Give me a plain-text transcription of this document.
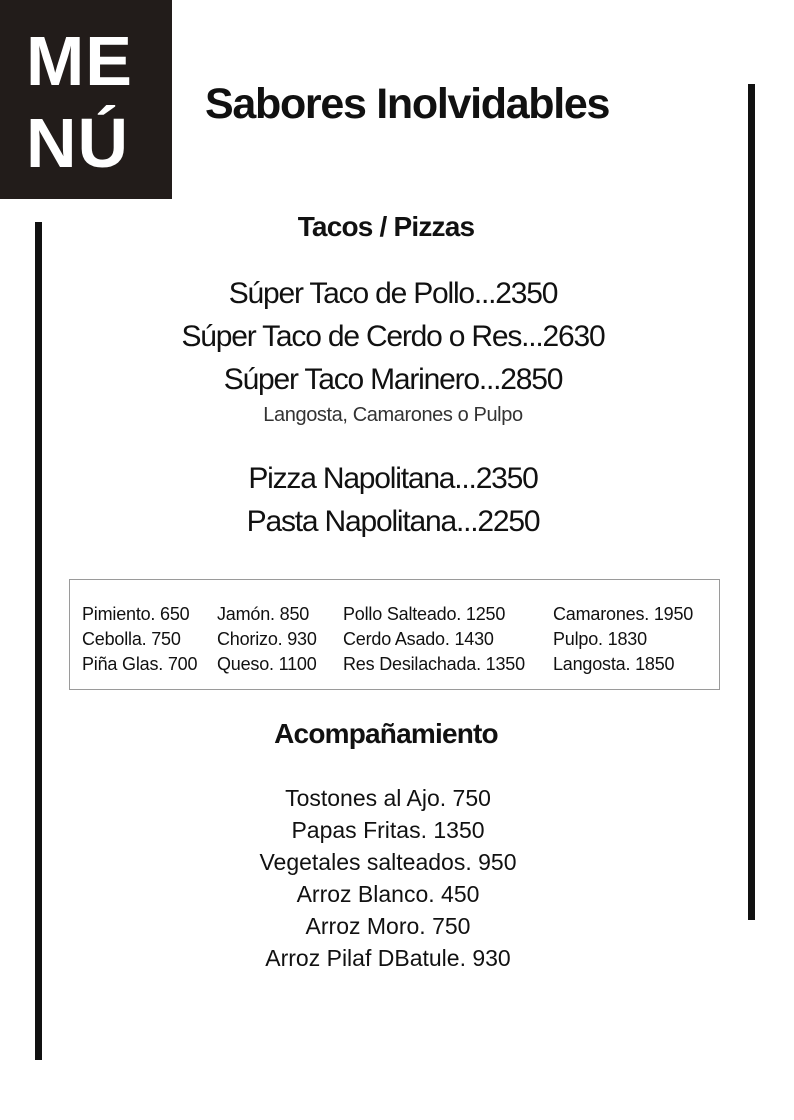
ME
NÚ	Sabores Inolvidables
Tacos / Pizzas
Súper Taco de Pollo...2350
Súper Taco de Cerdo o Res...2630
Súper Taco Marinero...2850
Langosta, Camarones o Pulpo
Pizza Napolitana...2350
Pasta Napolitana...2250
Pimiento. 650
Cebolla. 750
Piña Glas. 700
Jamón. 850
Chorizo. 930
Queso. 1100
Pollo Salteado. 1250
Cerdo Asado. 1430
Res Desilachada. 1350
Camarones. 1950
Pulpo. 1830
Langosta. 1850
Acompañamiento
Tostones al Ajo. 750
Papas Fritas. 1350
Vegetales salteados. 950
Arroz Blanco. 450
Arroz Moro. 750
Arroz Pilaf DBatule. 930
